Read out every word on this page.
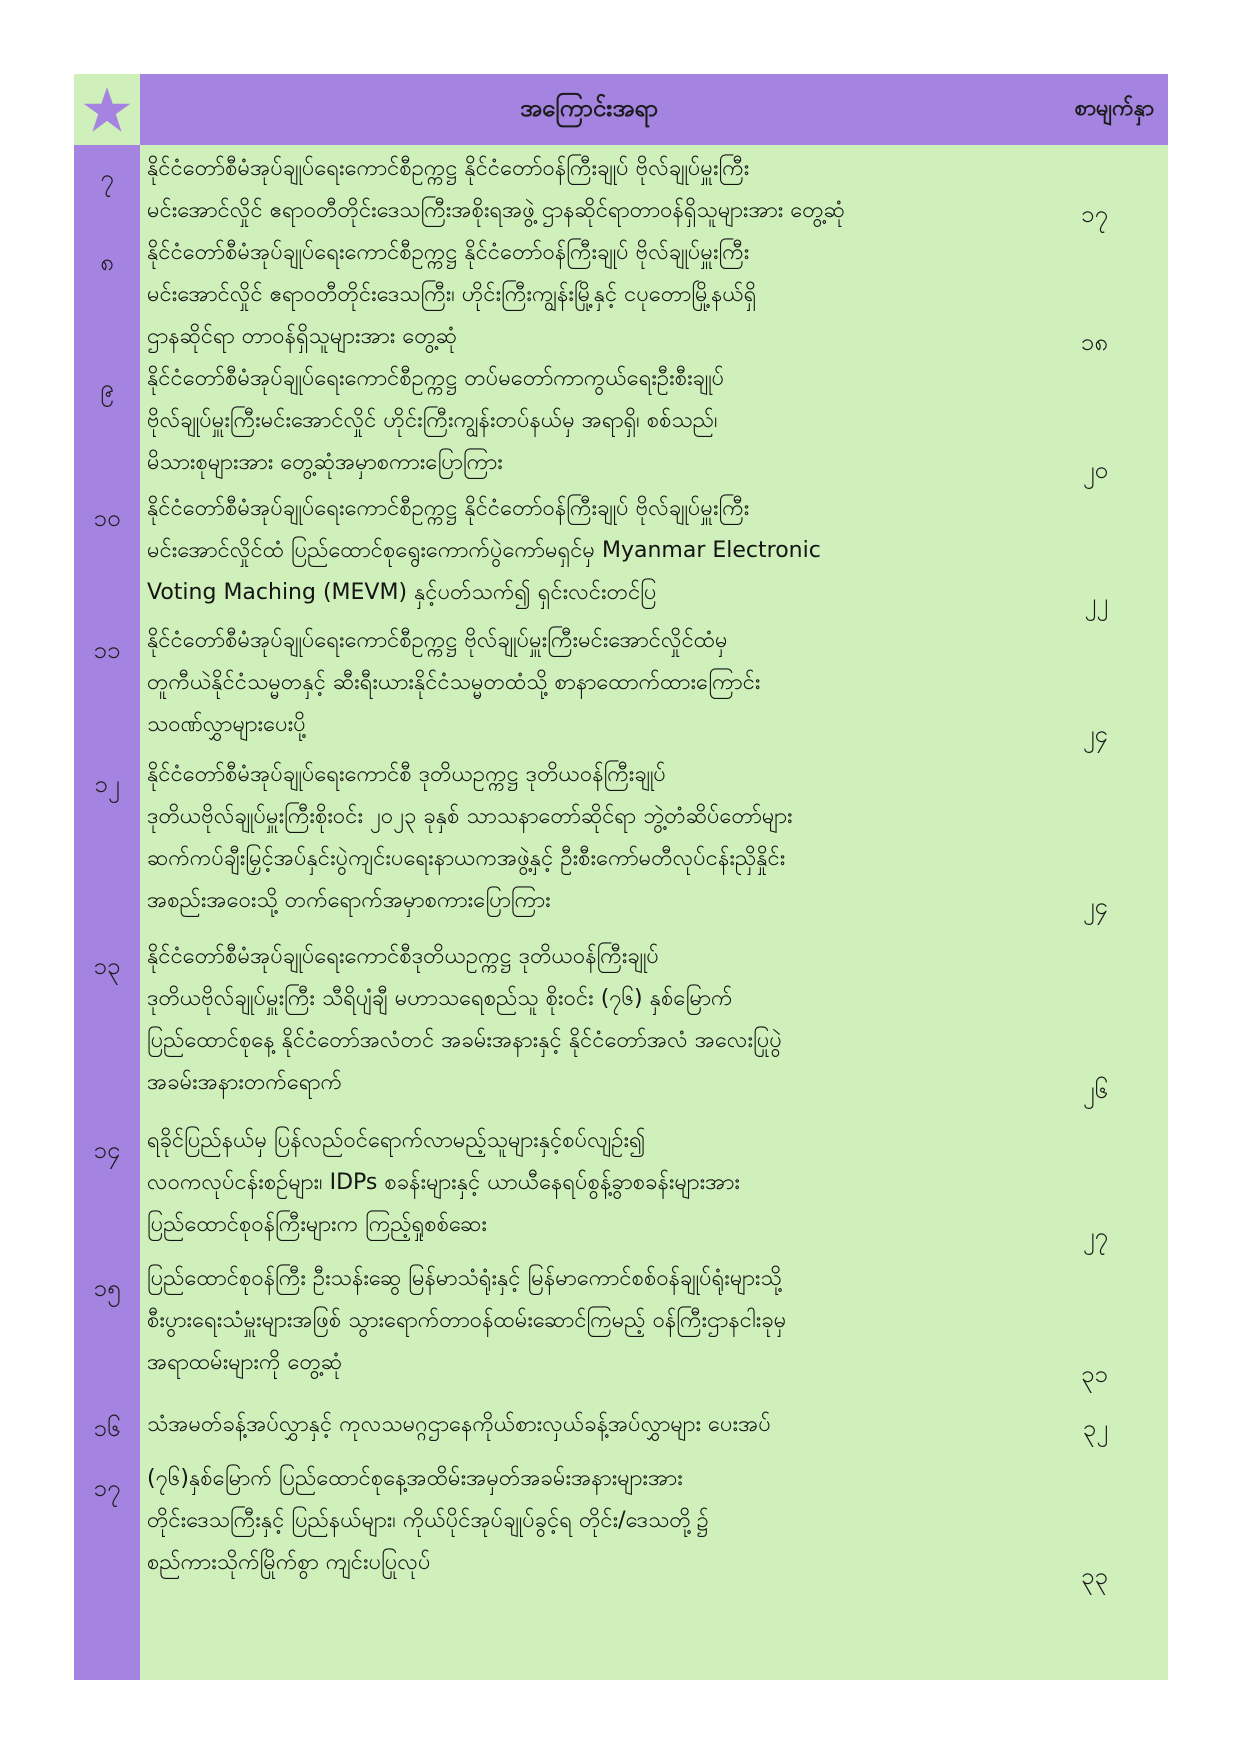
အကြောင်းအရာ	စာမျက်နှာ
၇	နိုင်ငံတော်စီမံအုပ်ချုပ်ရေးကောင်စီဥက္ကဋ္ဌ နိုင်ငံတော်ဝန်ကြီးချုပ် ဗိုလ်ချုပ်မှူးကြီး
မင်းအောင်လှိုင် ဧရာဝတီတိုင်းဒေသကြီးအစိုးရအဖွဲ့ ဌာနဆိုင်ရာတာဝန်ရှိသူများအား တွေ့ဆုံ	၁၇
၈	နိုင်ငံတော်စီမံအုပ်ချုပ်ရေးကောင်စီဥက္ကဋ္ဌ နိုင်ငံတော်ဝန်ကြီးချုပ် ဗိုလ်ချုပ်မှူးကြီး
မင်းအောင်လှိုင် ဧရာဝတီတိုင်းဒေသကြီး၊ ဟိုင်းကြီးကျွန်းမြို့နှင့် ငပုတောမြို့နယ်ရှိ
ဌာနဆိုင်ရာ တာဝန်ရှိသူများအား တွေ့ဆုံ	၁၈
၉	နိုင်ငံတော်စီမံအုပ်ချုပ်ရေးကောင်စီဥက္ကဋ္ဌ တပ်မတော်ကာကွယ်ရေးဦးစီးချုပ်
ဗိုလ်ချုပ်မှူးကြီးမင်းအောင်လှိုင် ဟိုင်းကြီးကျွန်းတပ်နယ်မှ အရာရှိ၊ စစ်သည်၊
မိသားစုများအား တွေ့ဆုံအမှာစကားပြောကြား	၂၀
၁၀	နိုင်ငံတော်စီမံအုပ်ချုပ်ရေးကောင်စီဥက္ကဋ္ဌ နိုင်ငံတော်ဝန်ကြီးချုပ် ဗိုလ်ချုပ်မှူးကြီး
မင်းအောင်လှိုင်ထံ ပြည်ထောင်စုရွေးကောက်ပွဲကော်မရှင်မှ Myanmar Electronic
Voting Maching (MEVM) နှင့်ပတ်သက်၍ ရှင်းလင်းတင်ပြ	၂၂
၁၁	နိုင်ငံတော်စီမံအုပ်ချုပ်ရေးကောင်စီဥက္ကဋ္ဌ ဗိုလ်ချုပ်မှူးကြီးမင်းအောင်လှိုင်ထံမှ
တူကီယဲနိုင်ငံသမ္မတနှင့် ဆီးရီးယားနိုင်ငံသမ္မတထံသို့ စာနာထောက်ထားကြောင်း
သဝဏ်လွှာများပေးပို့	၂၄
၁၂	နိုင်ငံတော်စီမံအုပ်ချုပ်ရေးကောင်စီ ဒုတိယဥက္ကဋ္ဌ ဒုတိယဝန်ကြီးချုပ်
ဒုတိယဗိုလ်ချုပ်မှူးကြီးစိုးဝင်း ၂၀၂၃ ခုနှစ် သာသနာတော်ဆိုင်ရာ ဘွဲ့တံဆိပ်တော်များ
ဆက်ကပ်ချီးမြှင့်အပ်နှင်းပွဲကျင်းပရေးနာယကအဖွဲ့နှင့် ဦးစီးကော်မတီလုပ်ငန်းညှိနှိုင်း
အစည်းအဝေးသို့ တက်ရောက်အမှာစကားပြောကြား	၂၄
၁၃	နိုင်ငံတော်စီမံအုပ်ချုပ်ရေးကောင်စီဒုတိယဥက္ကဋ္ဌ ဒုတိယဝန်ကြီးချုပ်
ဒုတိယဗိုလ်ချုပ်မှူးကြီး သီရိပျံချီ မဟာသရေစည်သူ စိုးဝင်း (၇၆) နှစ်မြောက်
ပြည်ထောင်စုနေ့ နိုင်ငံတော်အလံတင် အခမ်းအနားနှင့် နိုင်ငံတော်အလံ အလေးပြုပွဲ
အခမ်းအနားတက်ရောက်	၂၆
၁၄	ရခိုင်ပြည်နယ်မှ ပြန်လည်ဝင်ရောက်လာမည့်သူများနှင့်စပ်လျဉ်း၍
လဝကလုပ်ငန်းစဉ်များ၊ IDPs စခန်းများနှင့် ယာယီနေရပ်စွန့်ခွာစခန်းများအား
ပြည်ထောင်စုဝန်ကြီးများက ကြည့်ရှုစစ်ဆေး	၂၇
၁၅	ပြည်ထောင်စုဝန်ကြီး ဦးသန်းဆွေ မြန်မာသံရုံးနှင့် မြန်မာကောင်စစ်ဝန်ချုပ်ရုံးများသို့
စီးပွားရေးသံမှူးများအဖြစ် သွားရောက်တာဝန်ထမ်းဆောင်ကြမည့် ဝန်ကြီးဌာနငါးခုမှ
အရာထမ်းများကို တွေ့ဆုံ	၃၁
၁၆	သံအမတ်ခန့်အပ်လွှာနှင့် ကုလသမဂ္ဂဌာနေကိုယ်စားလှယ်ခန့်အပ်လွှာများ ပေးအပ်	၃၂
၁၇	(၇၆)နှစ်မြောက် ပြည်ထောင်စုနေ့အထိမ်းအမှတ်အခမ်းအနားများအား
တိုင်းဒေသကြီးနှင့် ပြည်နယ်များ၊ ကိုယ်ပိုင်အုပ်ချုပ်ခွင့်ရ တိုင်း/ဒေသတို့၌
စည်ကားသိုက်မြိုက်စွာ ကျင်းပပြုလုပ်	၃၃
